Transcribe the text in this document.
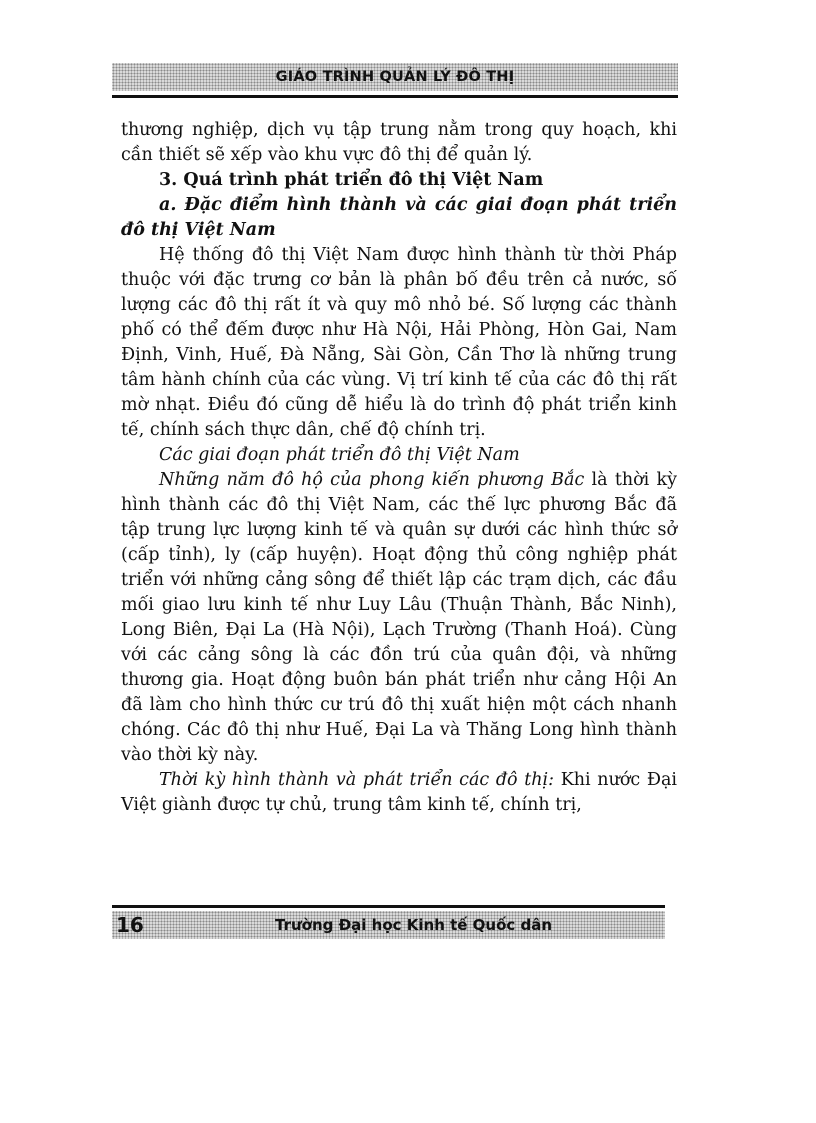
GIÁO TRÌNH QUẢN LÝ ĐÔ THỊ

thương nghiệp, dịch vụ tập trung nằm trong quy hoạch, khi cần thiết sẽ xếp vào khu vực đô thị để quản lý.

3. Quá trình phát triển đô thị Việt Nam

a. Đặc điểm hình thành và các giai đoạn phát triển đô thị Việt Nam

Hệ thống đô thị Việt Nam được hình thành từ thời Pháp thuộc với đặc trưng cơ bản là phân bố đều trên cả nước, số lượng các đô thị rất ít và quy mô nhỏ bé. Số lượng các thành phố có thể đếm được như Hà Nội, Hải Phòng, Hòn Gai, Nam Định, Vinh, Huế, Đà Nẵng, Sài Gòn, Cần Thơ là những trung tâm hành chính của các vùng. Vị trí kinh tế của các đô thị rất mờ nhạt. Điều đó cũng dễ hiểu là do trình độ phát triển kinh tế, chính sách thực dân, chế độ chính trị.

Các giai đoạn phát triển đô thị Việt Nam

Những năm đô hộ của phong kiến phương Bắc là thời kỳ hình thành các đô thị Việt Nam, các thế lực phương Bắc đã tập trung lực lượng kinh tế và quân sự dưới các hình thức sở (cấp tỉnh), ly (cấp huyện). Hoạt động thủ công nghiệp phát triển với những cảng sông để thiết lập các trạm dịch, các đầu mối giao lưu kinh tế như Luy Lâu (Thuận Thành, Bắc Ninh), Long Biên, Đại La (Hà Nội), Lạch Trường (Thanh Hoá). Cùng với các cảng sông là các đồn trú của quân đội, và những thương gia. Hoạt động buôn bán phát triển như cảng Hội An đã làm cho hình thức cư trú đô thị xuất hiện một cách nhanh chóng. Các đô thị như Huế, Đại La và Thăng Long hình thành vào thời kỳ này.

Thời kỳ hình thành và phát triển các đô thị: Khi nước Đại Việt giành được tự chủ, trung tâm kinh tế, chính trị,

16	Trường Đại học Kinh tế Quốc dân
